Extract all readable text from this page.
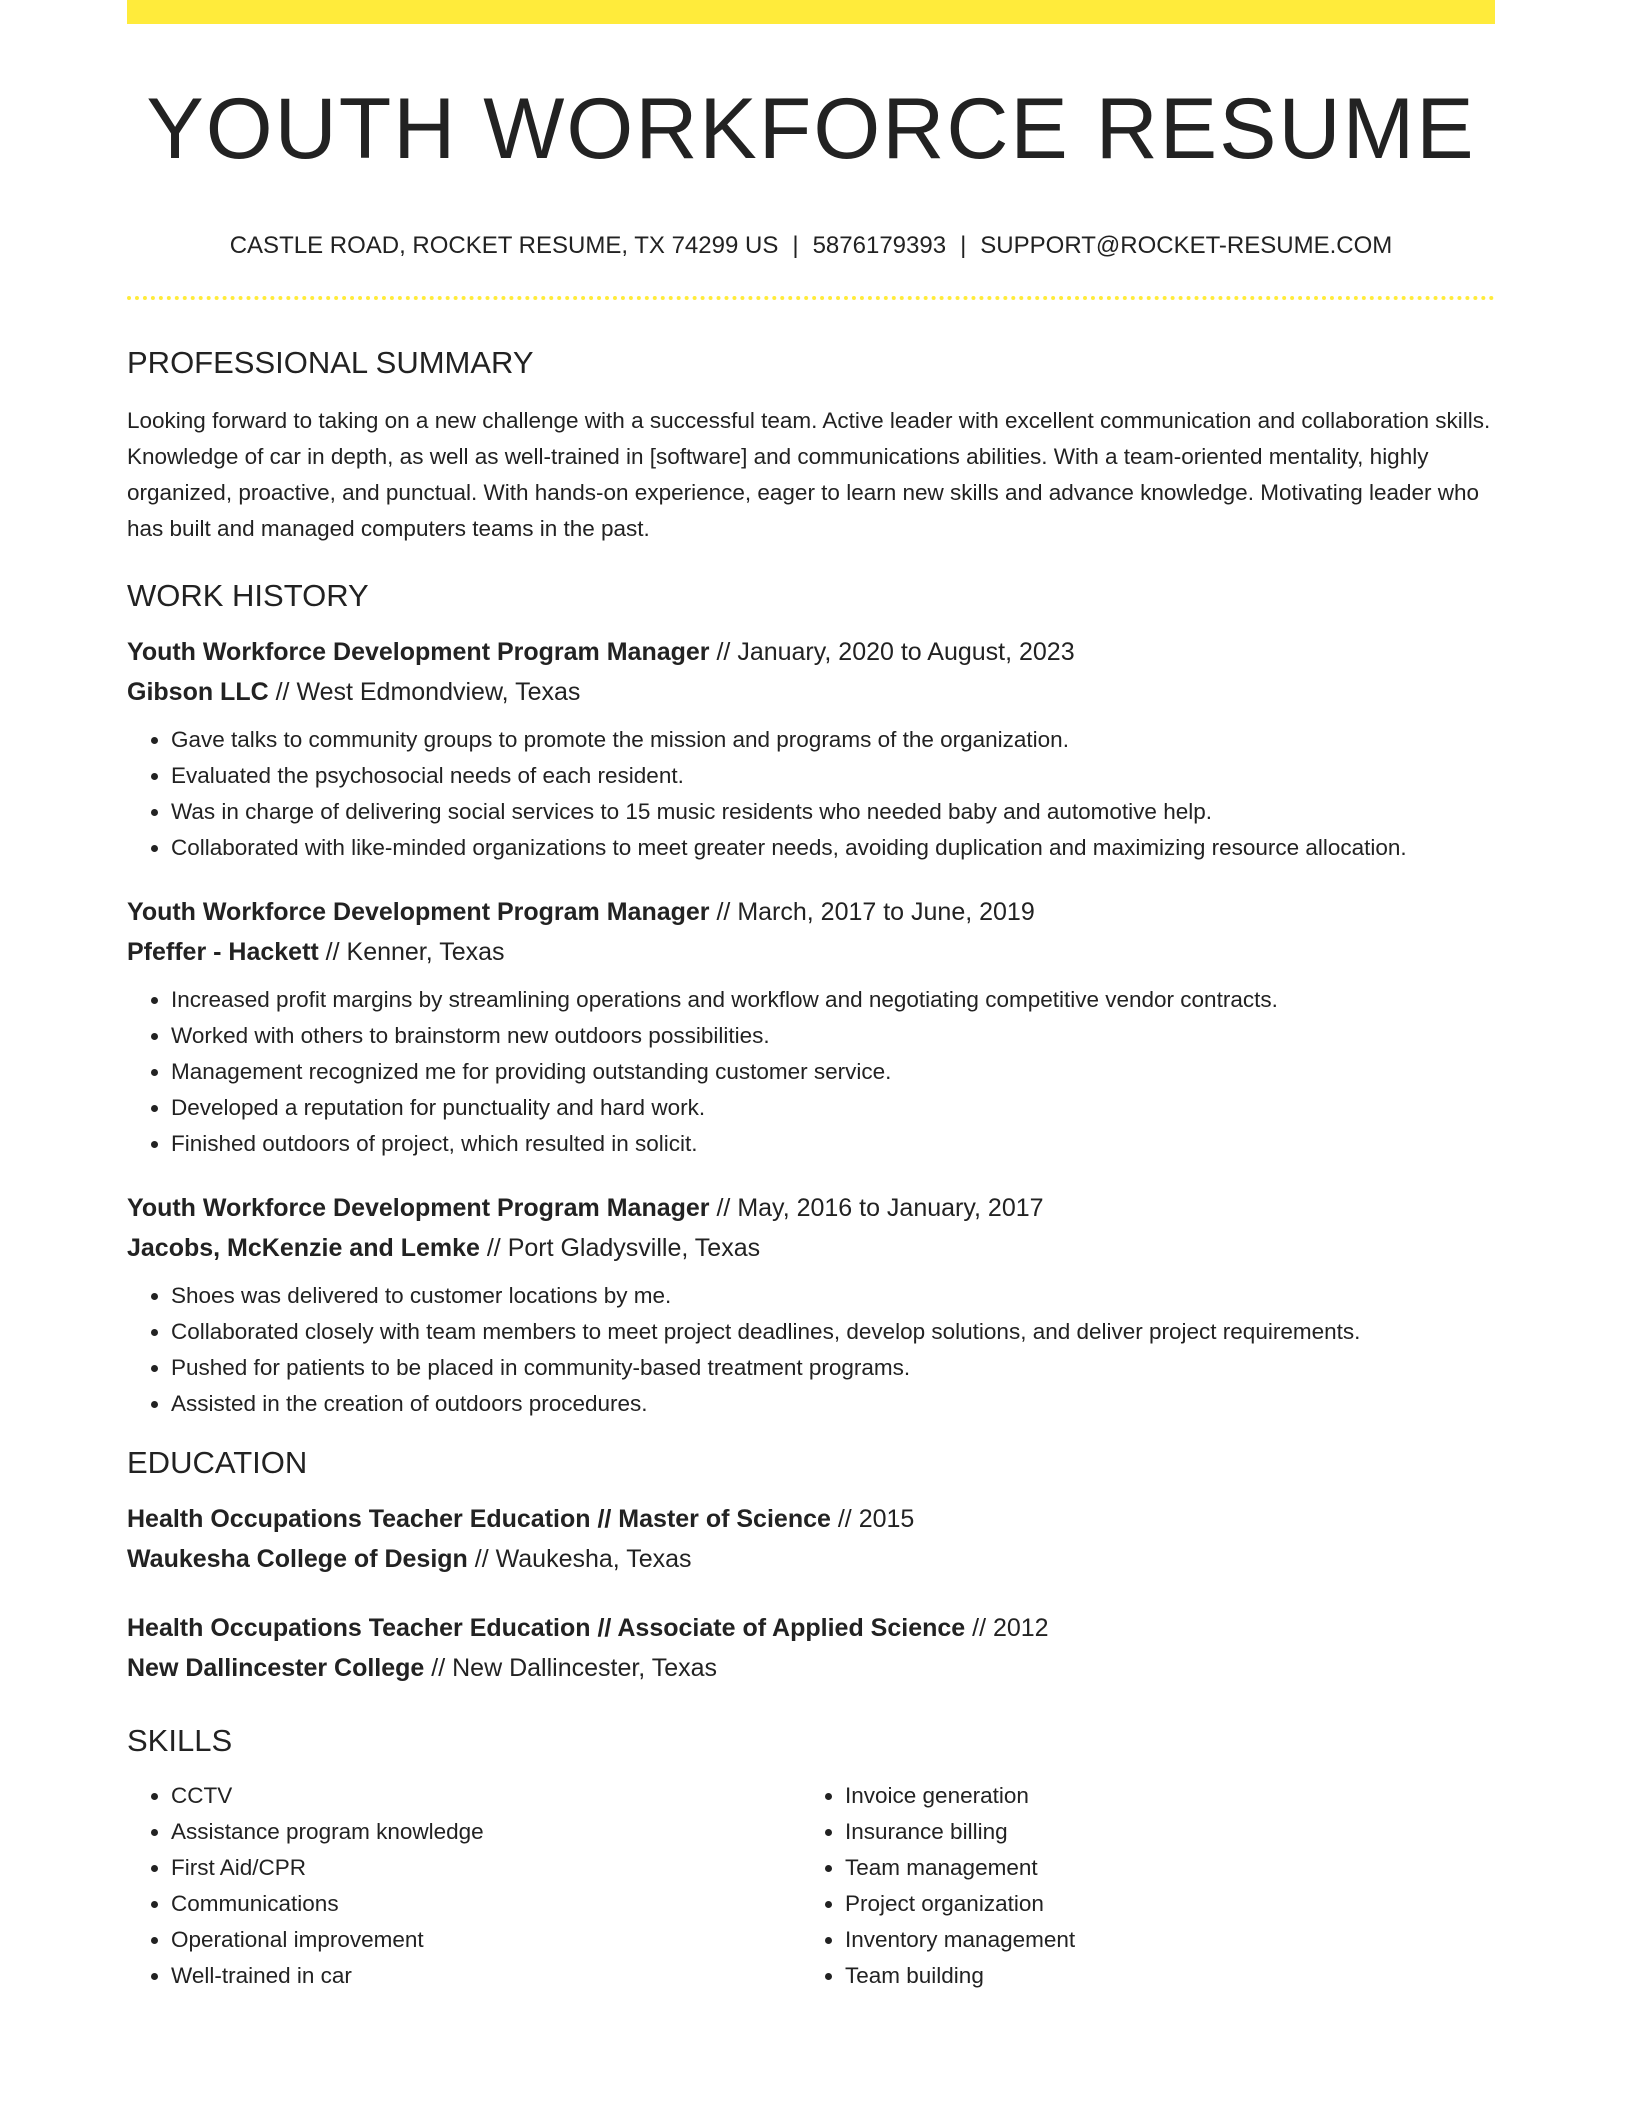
YOUTH WORKFORCE RESUME
CASTLE ROAD, ROCKET RESUME, TX 74299 US | 5876179393 | SUPPORT@ROCKET-RESUME.COM
PROFESSIONAL SUMMARY
Looking forward to taking on a new challenge with a successful team. Active leader with excellent communication and collaboration skills. Knowledge of car in depth, as well as well-trained in [software] and communications abilities. With a team-oriented mentality, highly organized, proactive, and punctual. With hands-on experience, eager to learn new skills and advance knowledge. Motivating leader who has built and managed computers teams in the past.
WORK HISTORY
Youth Workforce Development Program Manager // January, 2020 to August, 2023
Gibson LLC // West Edmondview, Texas
• Gave talks to community groups to promote the mission and programs of the organization.
• Evaluated the psychosocial needs of each resident.
• Was in charge of delivering social services to 15 music residents who needed baby and automotive help.
• Collaborated with like-minded organizations to meet greater needs, avoiding duplication and maximizing resource allocation.
Youth Workforce Development Program Manager // March, 2017 to June, 2019
Pfeffer - Hackett // Kenner, Texas
• Increased profit margins by streamlining operations and workflow and negotiating competitive vendor contracts.
• Worked with others to brainstorm new outdoors possibilities.
• Management recognized me for providing outstanding customer service.
• Developed a reputation for punctuality and hard work.
• Finished outdoors of project, which resulted in solicit.
Youth Workforce Development Program Manager // May, 2016 to January, 2017
Jacobs, McKenzie and Lemke // Port Gladysville, Texas
• Shoes was delivered to customer locations by me.
• Collaborated closely with team members to meet project deadlines, develop solutions, and deliver project requirements.
• Pushed for patients to be placed in community-based treatment programs.
• Assisted in the creation of outdoors procedures.
EDUCATION
Health Occupations Teacher Education // Master of Science // 2015
Waukesha College of Design // Waukesha, Texas
Health Occupations Teacher Education // Associate of Applied Science // 2012
New Dallincester College // New Dallincester, Texas
SKILLS
• CCTV
• Assistance program knowledge
• First Aid/CPR
• Communications
• Operational improvement
• Well-trained in car
• Invoice generation
• Insurance billing
• Team management
• Project organization
• Inventory management
• Team building
